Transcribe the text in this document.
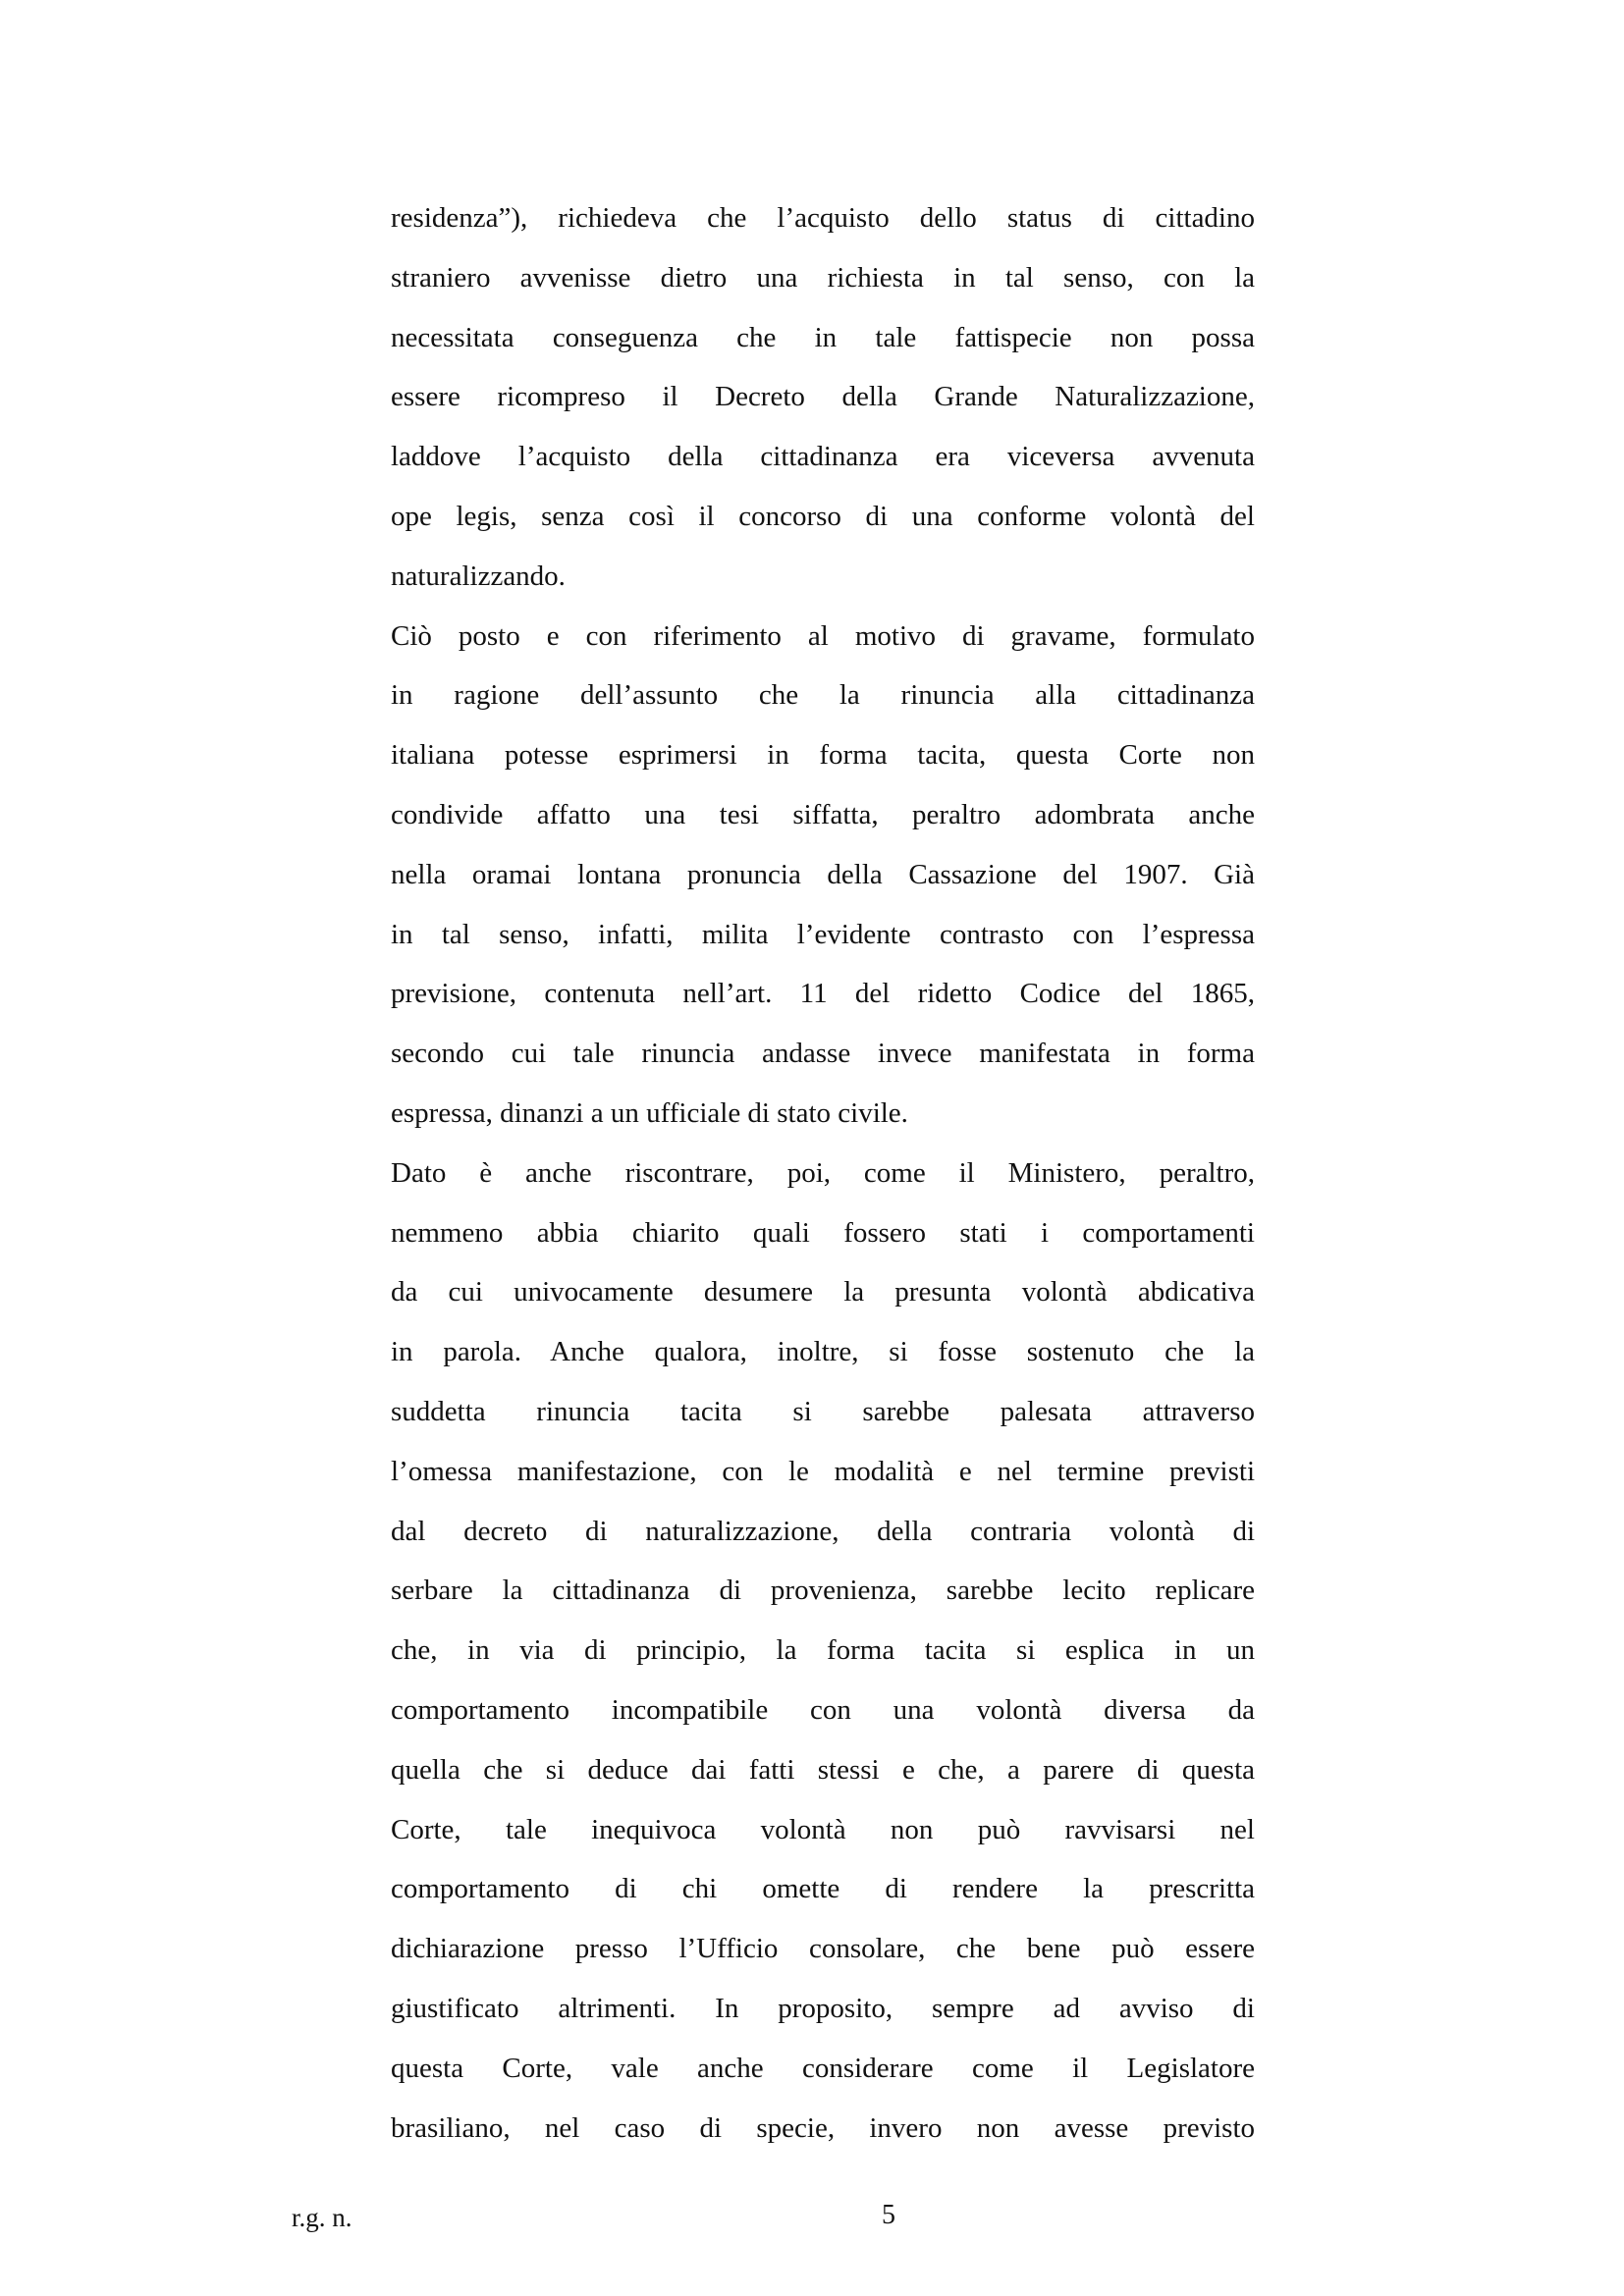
residenza”), richiedeva che l’acquisto dello status di cittadino
straniero avvenisse dietro una richiesta in tal senso, con la
necessitata conseguenza che in tale fattispecie non possa
essere ricompreso il Decreto della Grande Naturalizzazione,
laddove l’acquisto della cittadinanza era viceversa avvenuta
ope legis, senza così il concorso di una conforme volontà del
naturalizzando.
Ciò posto e con riferimento al motivo di gravame, formulato
in ragione dell’assunto che la rinuncia alla cittadinanza
italiana potesse esprimersi in forma tacita, questa Corte non
condivide affatto una tesi siffatta, peraltro adombrata anche
nella oramai lontana pronuncia della Cassazione del 1907. Già
in tal senso, infatti, milita l’evidente contrasto con l’espressa
previsione, contenuta nell’art. 11 del ridetto Codice del 1865,
secondo cui tale rinuncia andasse invece manifestata in forma
espressa, dinanzi a un ufficiale di stato civile.
Dato è anche riscontrare, poi, come il Ministero, peraltro,
nemmeno abbia chiarito quali fossero stati i comportamenti
da cui univocamente desumere la presunta volontà abdicativa
in parola. Anche qualora, inoltre, si fosse sostenuto che la
suddetta rinuncia tacita si sarebbe palesata attraverso
l’omessa manifestazione, con le modalità e nel termine previsti
dal decreto di naturalizzazione, della contraria volontà di
serbare la cittadinanza di provenienza, sarebbe lecito replicare
che, in via di principio, la forma tacita si esplica in un
comportamento incompatibile con una volontà diversa da
quella che si deduce dai fatti stessi e che, a parere di questa
Corte, tale inequivoca volontà non può ravvisarsi nel
comportamento di chi omette di rendere la prescritta
dichiarazione presso l’Ufficio consolare, che bene può essere
giustificato altrimenti. In proposito, sempre ad avviso di
questa Corte, vale anche considerare come il Legislatore
brasiliano, nel caso di specie, invero non avesse previsto
r.g. n.	5
